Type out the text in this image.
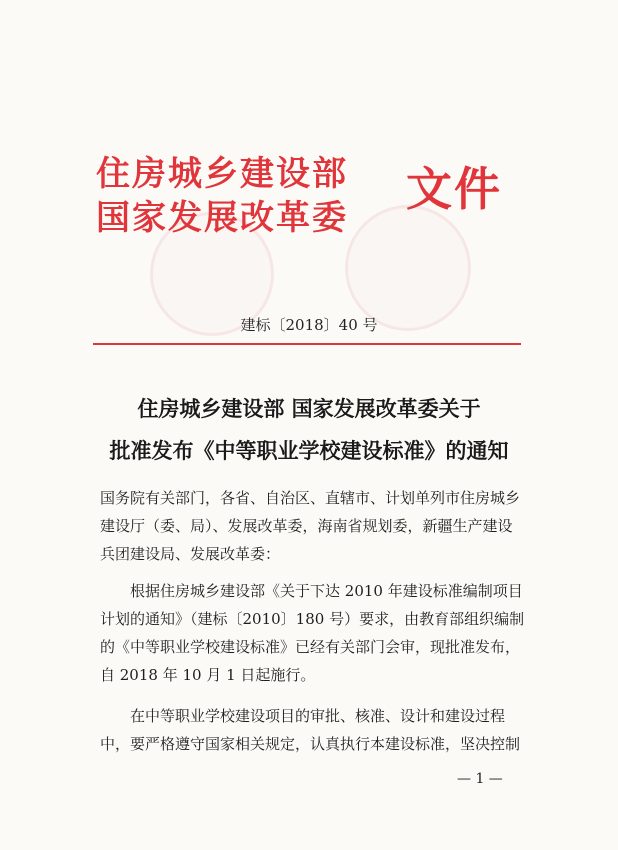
住房城乡建设部
国家发展改革委
文件
建标〔2018〕40 号
住房城乡建设部 国家发展改革委关于
批准发布《中等职业学校建设标准》的通知
国务院有关部门，各省、自治区、直辖市、计划单列市住房城乡
建设厅（委、局）、发展改革委，海南省规划委，新疆生产建设
兵团建设局、发展改革委：
根据住房城乡建设部《关于下达 2010 年建设标准编制项目
计划的通知》（建标〔2010〕180 号）要求，由教育部组织编制
的《中等职业学校建设标准》已经有关部门会审，现批准发布，
自 2018 年 10 月 1 日起施行。
在中等职业学校建设项目的审批、核准、设计和建设过程
中，要严格遵守国家相关规定，认真执行本建设标准，坚决控制
— 1 —
